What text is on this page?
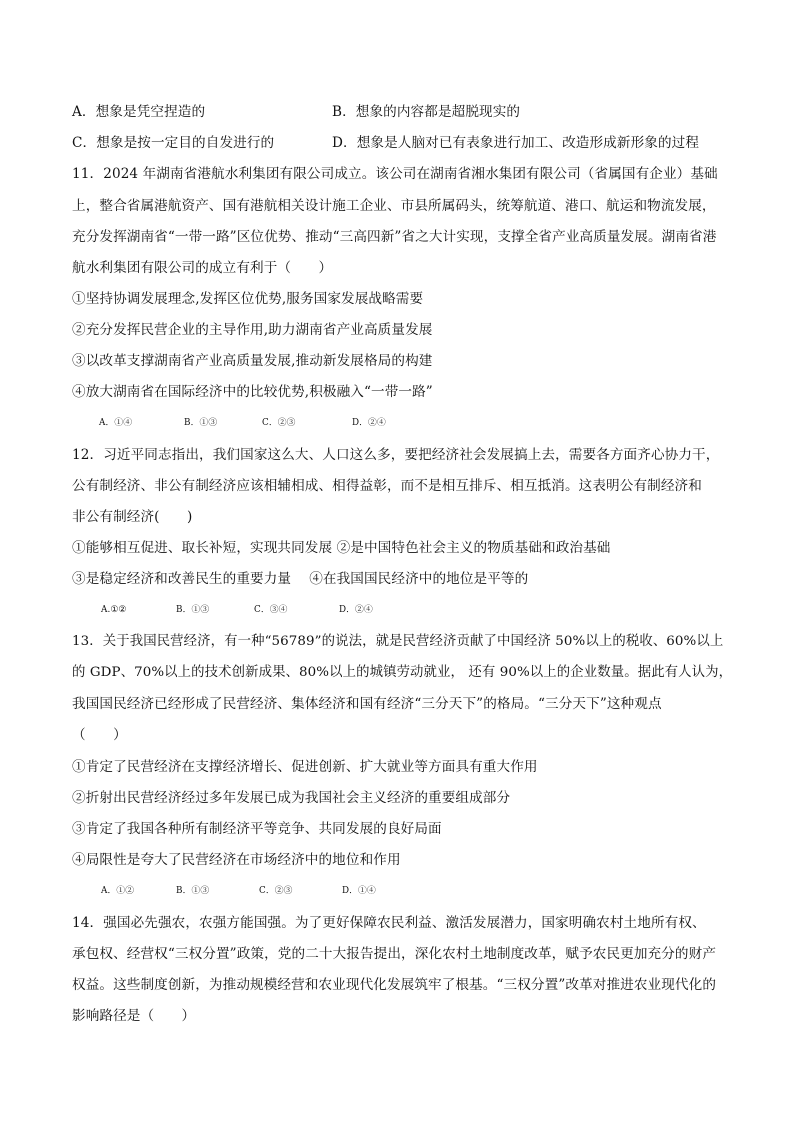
A．想象是凭空捏造的	B．想象的内容都是超脱现实的
C．想象是按一定目的自发进行的	D．想象是人脑对已有表象进行加工、改造形成新形象的过程
11．2024 年湖南省港航水利集团有限公司成立。该公司在湖南省湘水集团有限公司（省属国有企业）基础
上，整合省属港航资产、国有港航相关设计施工企业、市县所属码头，统筹航道、港口、航运和物流发展，
充分发挥湖南省“一带一路”区位优势、推动“三高四新”省之大计实现，支撑全省产业高质量发展。湖南省港
航水利集团有限公司的成立有利于（　　）
①坚持协调发展理念,发挥区位优势,服务国家发展战略需要
②充分发挥民营企业的主导作用,助力湖南省产业高质量发展
③以改革支撑湖南省产业高质量发展,推动新发展格局的构建
④放大湖南省在国际经济中的比较优势,积极融入“一带一路”
A．①④	B．①③	C．②③	D．②④
12．习近平同志指出，我们国家这么大、人口这么多，要把经济社会发展搞上去，需要各方面齐心协力干，
公有制经济、非公有制经济应该相辅相成、相得益彰，而不是相互排斥、相互抵消。这表明公有制经济和
非公有制经济(　　)
①能够相互促进、取长补短，实现共同发展 ②是中国特色社会主义的物质基础和政治基础
③是稳定经济和改善民生的重要力量　 ④在我国国民经济中的地位是平等的
A.①②	B．①③	C．③④	D．②④
13．关于我国民营经济，有一种“56789”的说法，就是民营经济贡献了中国经济 50%以上的税收、60%以上
的 GDP、70%以上的技术创新成果、80%以上的城镇劳动就业， 还有 90%以上的企业数量。据此有人认为，
我国国民经济已经形成了民营经济、集体经济和国有经济“三分天下”的格局。“三分天下”这种观点
（　　）
①肯定了民营经济在支撑经济增长、促进创新、扩大就业等方面具有重大作用
②折射出民营经济经过多年发展已成为我国社会主义经济的重要组成部分
③肯定了我国各种所有制经济平等竞争、共同发展的良好局面
④局限性是夸大了民营经济在市场经济中的地位和作用
A．①②	B．①③	C．②③	D．①④
14．强国必先强农，农强方能国强。为了更好保障农民利益、激活发展潜力，国家明确农村土地所有权、
承包权、经营权“三权分置”政策，党的二十大报告提出，深化农村土地制度改革，赋予农民更加充分的财产
权益。这些制度创新，为推动规模经营和农业现代化发展筑牢了根基。“三权分置”改革对推进农业现代化的
影响路径是（　　）
